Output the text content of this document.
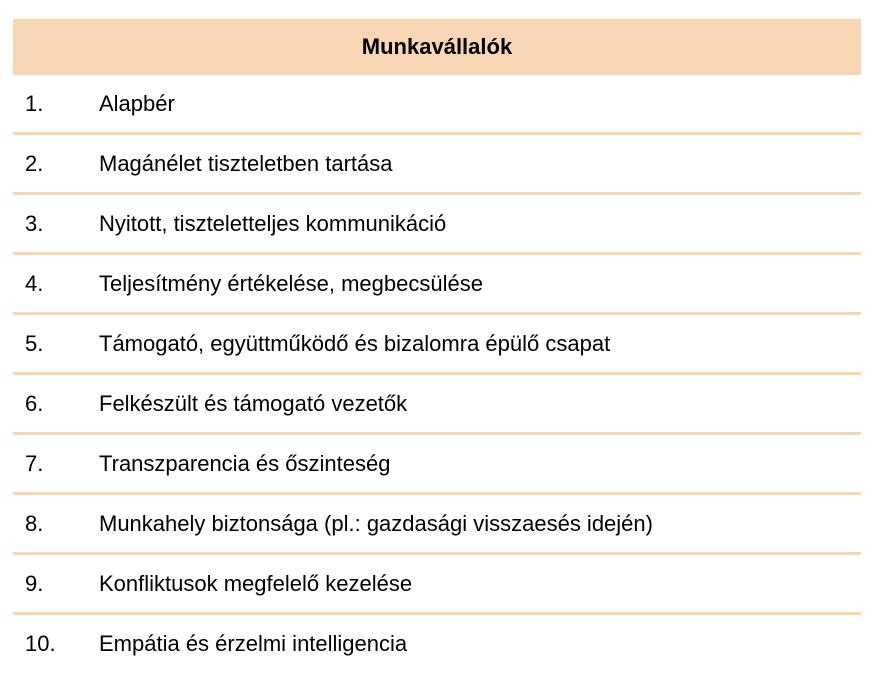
Munkavállalók
1.	Alapbér
2.	Magánélet tiszteletben tartása
3.	Nyitott, tiszteletteljes kommunikáció
4.	Teljesítmény értékelése, megbecsülése
5.	Támogató, együttműködő és bizalomra épülő csapat
6.	Felkészült és támogató vezetők
7.	Transzparencia és őszinteség
8.	Munkahely biztonsága (pl.: gazdasági visszaesés idején)
9.	Konfliktusok megfelelő kezelése
10.	Empátia és érzelmi intelligencia
